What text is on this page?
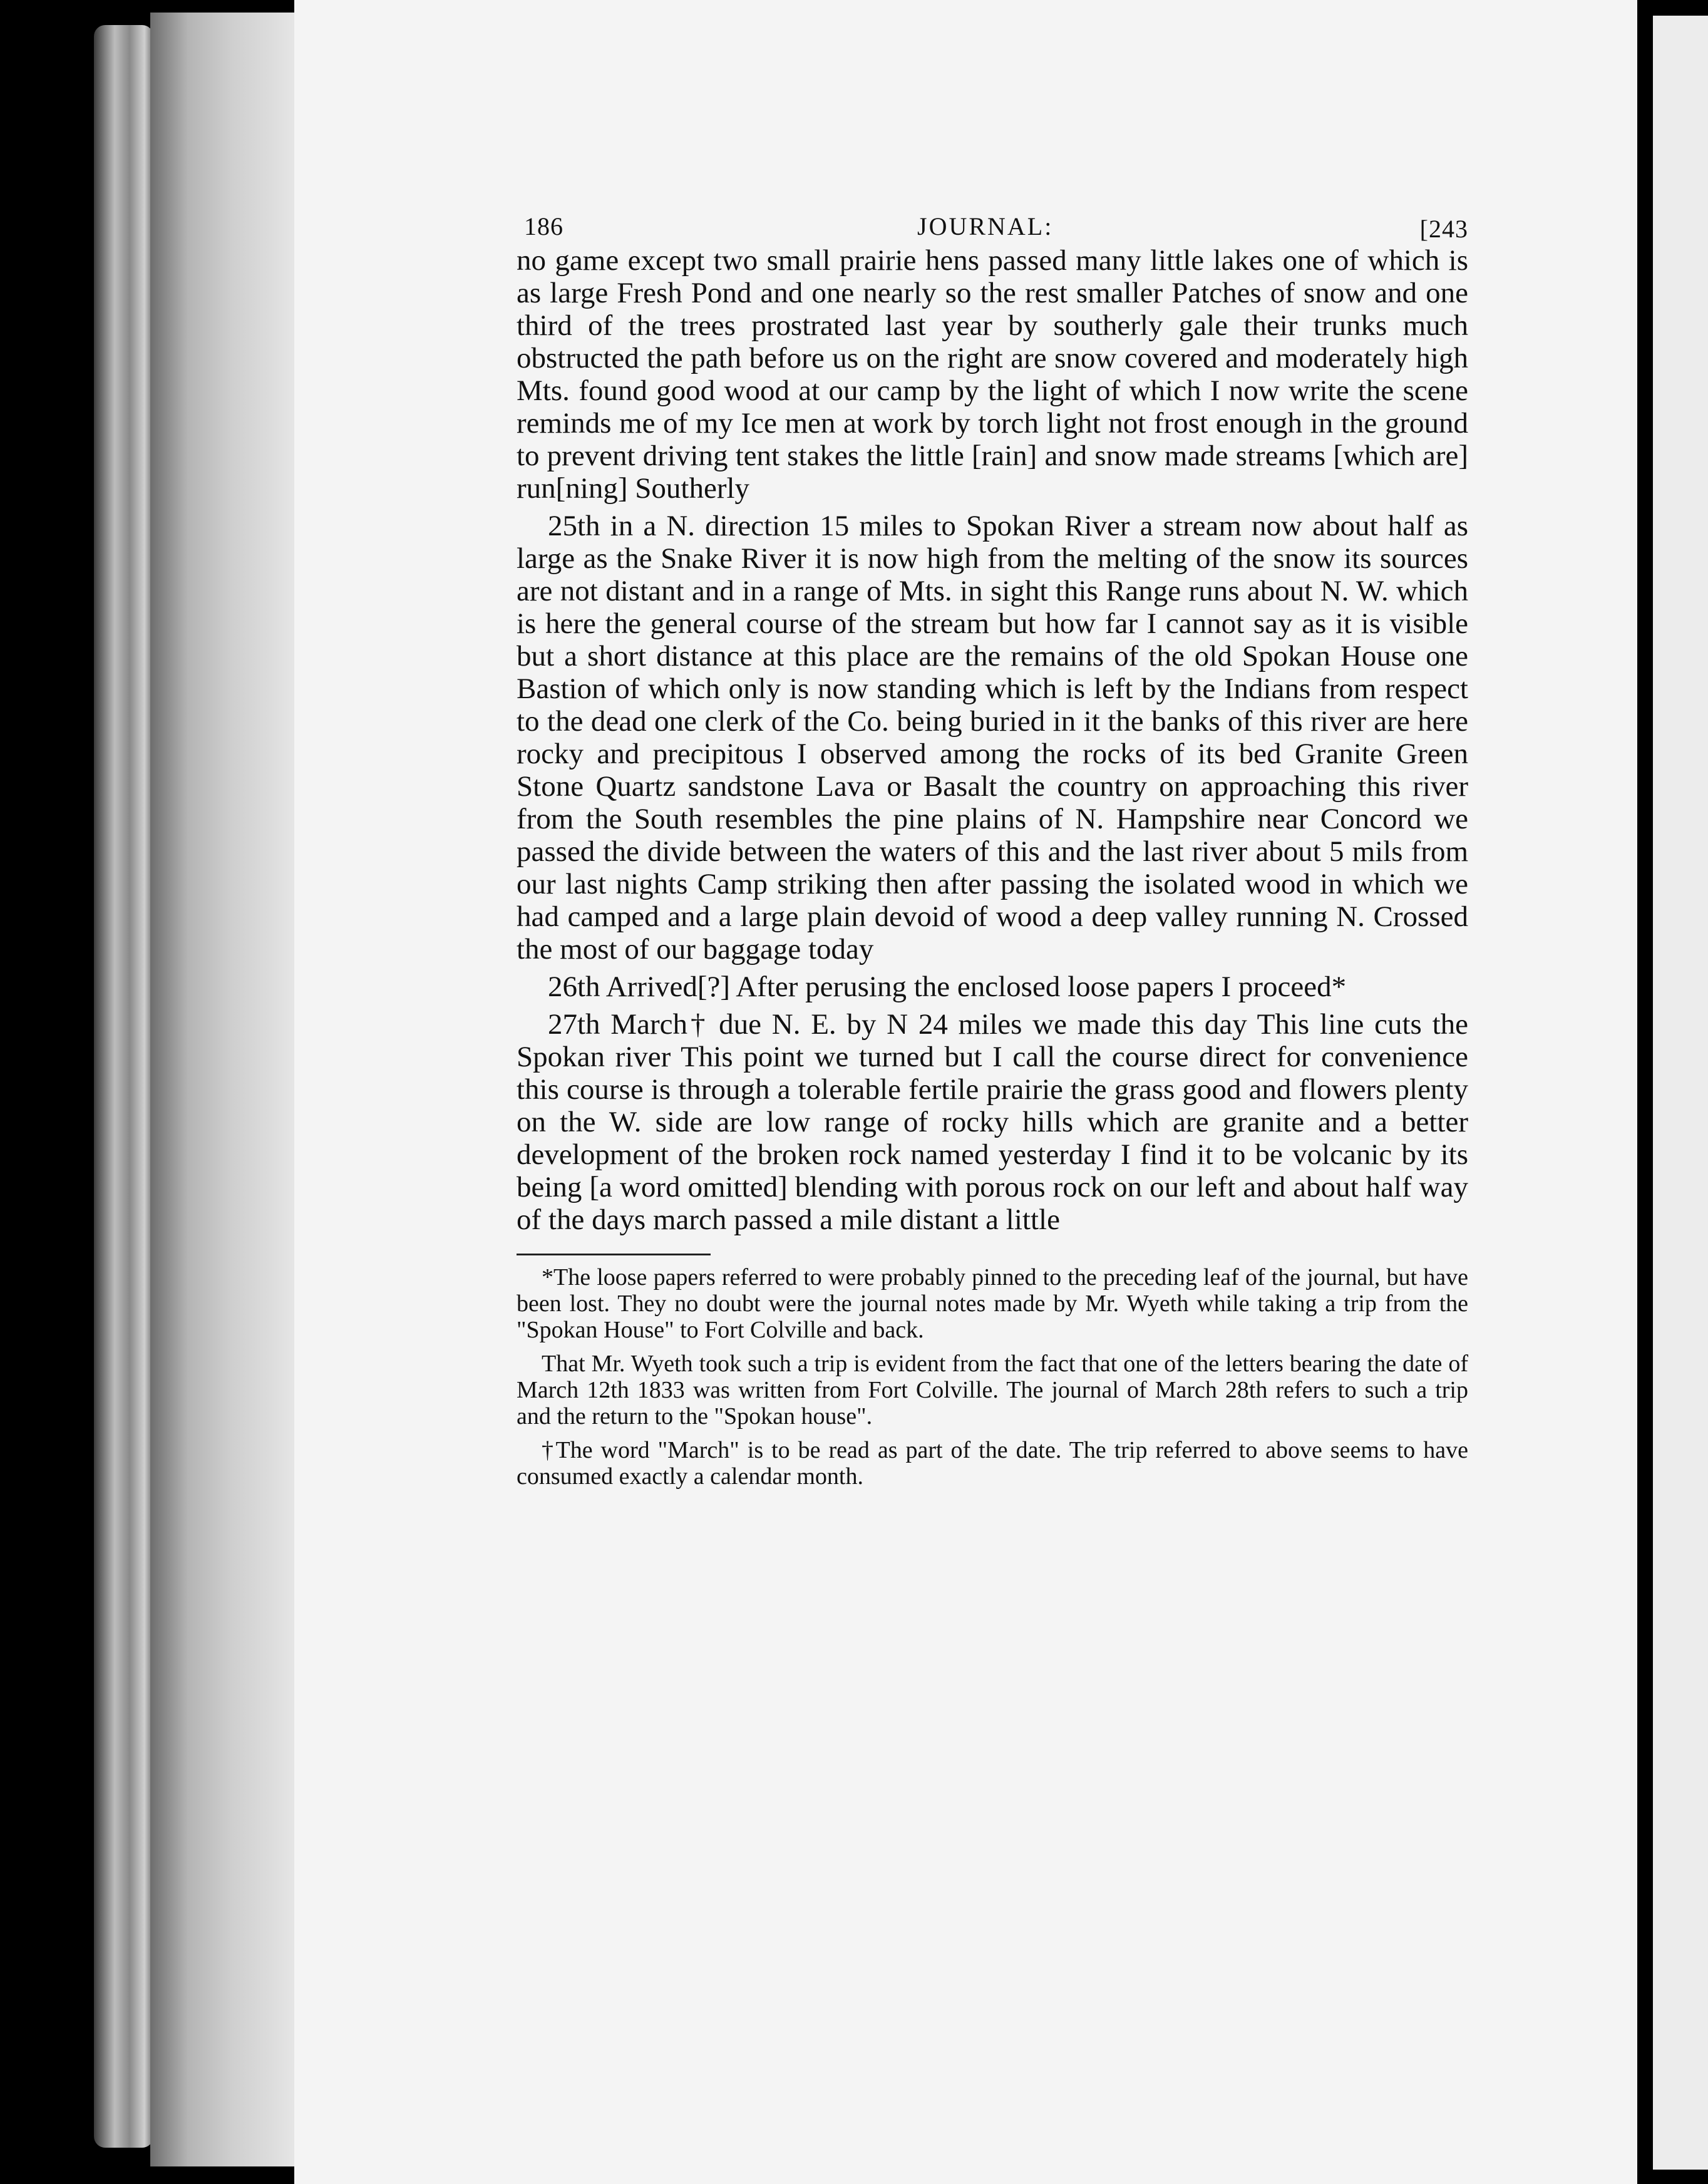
186	JOURNAL:	[243

no game except two small prairie hens passed many little lakes one of which is as large Fresh Pond and one nearly so the rest smaller Patches of snow and one third of the trees prostrated last year by southerly gale their trunks much obstructed the path before us on the right are snow covered and moderately high Mts. found good wood at our camp by the light of which I now write the scene reminds me of my Ice men at work by torch light not frost enough in the ground to prevent driving tent stakes the little [rain] and snow made streams [which are] run[ning] Southerly

25th in a N. direction 15 miles to Spokan River a stream now about half as large as the Snake River it is now high from the melting of the snow its sources are not distant and in a range of Mts. in sight this Range runs about N. W. which is here the general course of the stream but how far I cannot say as it is visible but a short distance at this place are the remains of the old Spokan House one Bastion of which only is now standing which is left by the Indians from respect to the dead one clerk of the Co. being buried in it the banks of this river are here rocky and precipitous I observed among the rocks of its bed Granite Green Stone Quartz sandstone Lava or Basalt the country on approaching this river from the South resembles the pine plains of N. Hampshire near Concord we passed the divide between the waters of this and the last river about 5 mils from our last nights Camp striking then after passing the isolated wood in which we had camped and a large plain devoid of wood a deep valley running N. Crossed the most of our baggage today

26th Arrived[?] After perusing the enclosed loose papers I proceed*

27th March† due N. E. by N 24 miles we made this day This line cuts the Spokan river This point we turned but I call the course direct for convenience this course is through a tolerable fertile prairie the grass good and flowers plenty on the W. side are low range of rocky hills which are granite and a better development of the broken rock named yesterday I find it to be volcanic by its being [a word omitted] blending with porous rock on our left and about half way of the days march passed a mile distant a little

*The loose papers referred to were probably pinned to the preceding leaf of the journal, but have been lost. They no doubt were the journal notes made by Mr. Wyeth while taking a trip from the "Spokan House" to Fort Colville and back.

That Mr. Wyeth took such a trip is evident from the fact that one of the letters bearing the date of March 12th 1833 was written from Fort Colville. The journal of March 28th refers to such a trip and the return to the "Spokan house".

†The word "March" is to be read as part of the date. The trip referred to above seems to have consumed exactly a calendar month.
